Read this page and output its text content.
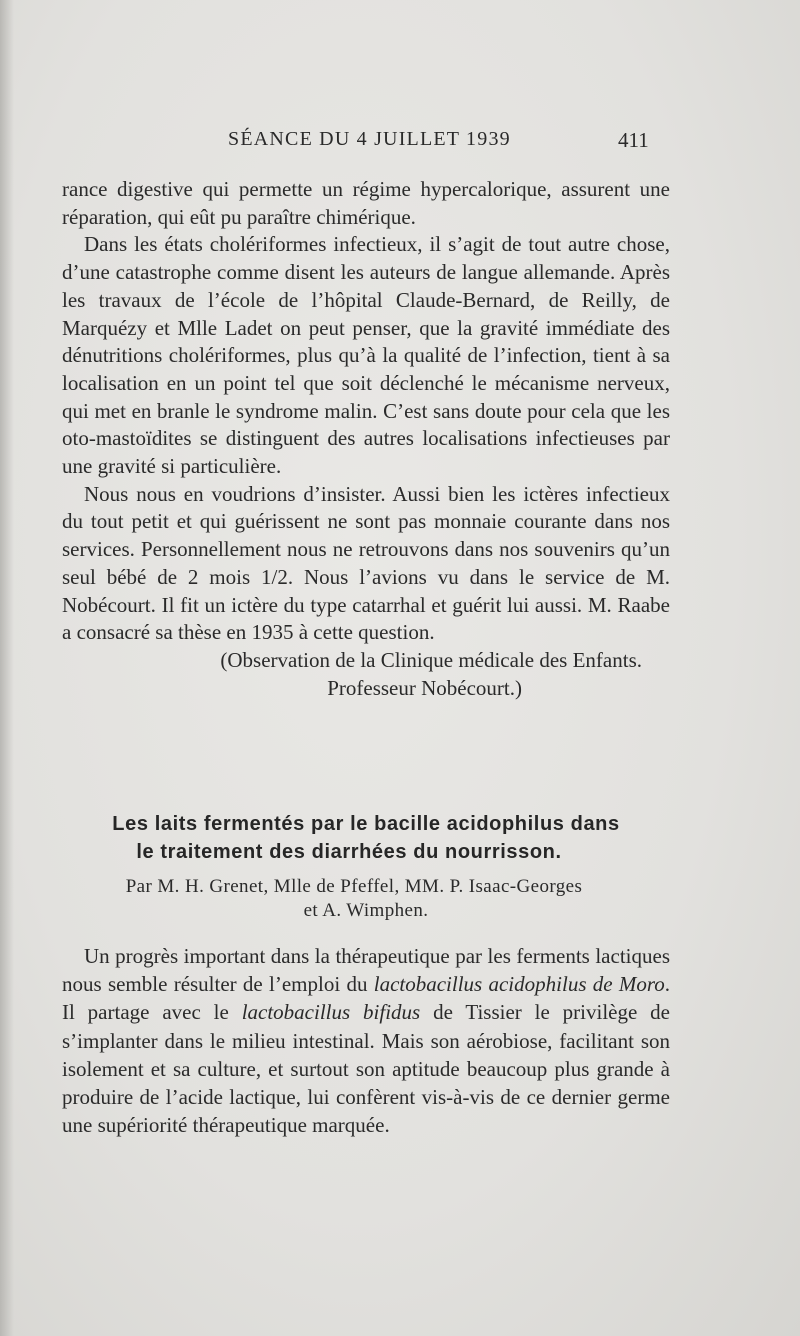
SÉANCE DU 4 JUILLET 1939	411

rance digestive qui permette un régime hypercalorique, assurent une réparation, qui eût pu paraître chimérique.

Dans les états cholériformes infectieux, il s’agit de tout autre chose, d’une catastrophe comme disent les auteurs de langue allemande. Après les travaux de l’école de l’hôpital Claude-Bernard, de Reilly, de Marquézy et Mlle Ladet on peut penser, que la gravité immédiate des dénutritions cholériformes, plus qu’à la qualité de l’infection, tient à sa localisation en un point tel que soit déclenché le mécanisme nerveux, qui met en branle le syndrome malin. C’est sans doute pour cela que les oto-mastoïdites se distinguent des autres localisations infectieuses par une gravité si particulière.

Nous nous en voudrions d’insister. Aussi bien les ictères infectieux du tout petit et qui guérissent ne sont pas monnaie courante dans nos services. Personnellement nous ne retrouvons dans nos souvenirs qu’un seul bébé de 2 mois 1/2. Nous l’avions vu dans le service de M. Nobécourt. Il fit un ictère du type catarrhal et guérit lui aussi. M. Raabe a consacré sa thèse en 1935 à cette question.

(Observation de la Clinique médicale des Enfants.

Professeur Nobécourt.)

Les laits fermentés par le bacille acidophilus dans
le traitement des diarrhées du nourrisson.
Par M. H. Grenet, Mlle de Pfeffel, MM. P. Isaac-Georges
et A. Wimphen.

Un progrès important dans la thérapeutique par les ferments lactiques nous semble résulter de l’emploi du lactobacillus acidophilus de Moro. Il partage avec le lactobacillus bifidus de Tissier le privilège de s’implanter dans le milieu intestinal. Mais son aérobiose, facilitant son isolement et sa culture, et surtout son aptitude beaucoup plus grande à produire de l’acide lactique, lui confèrent vis-à-vis de ce dernier germe une supériorité thérapeutique marquée.
